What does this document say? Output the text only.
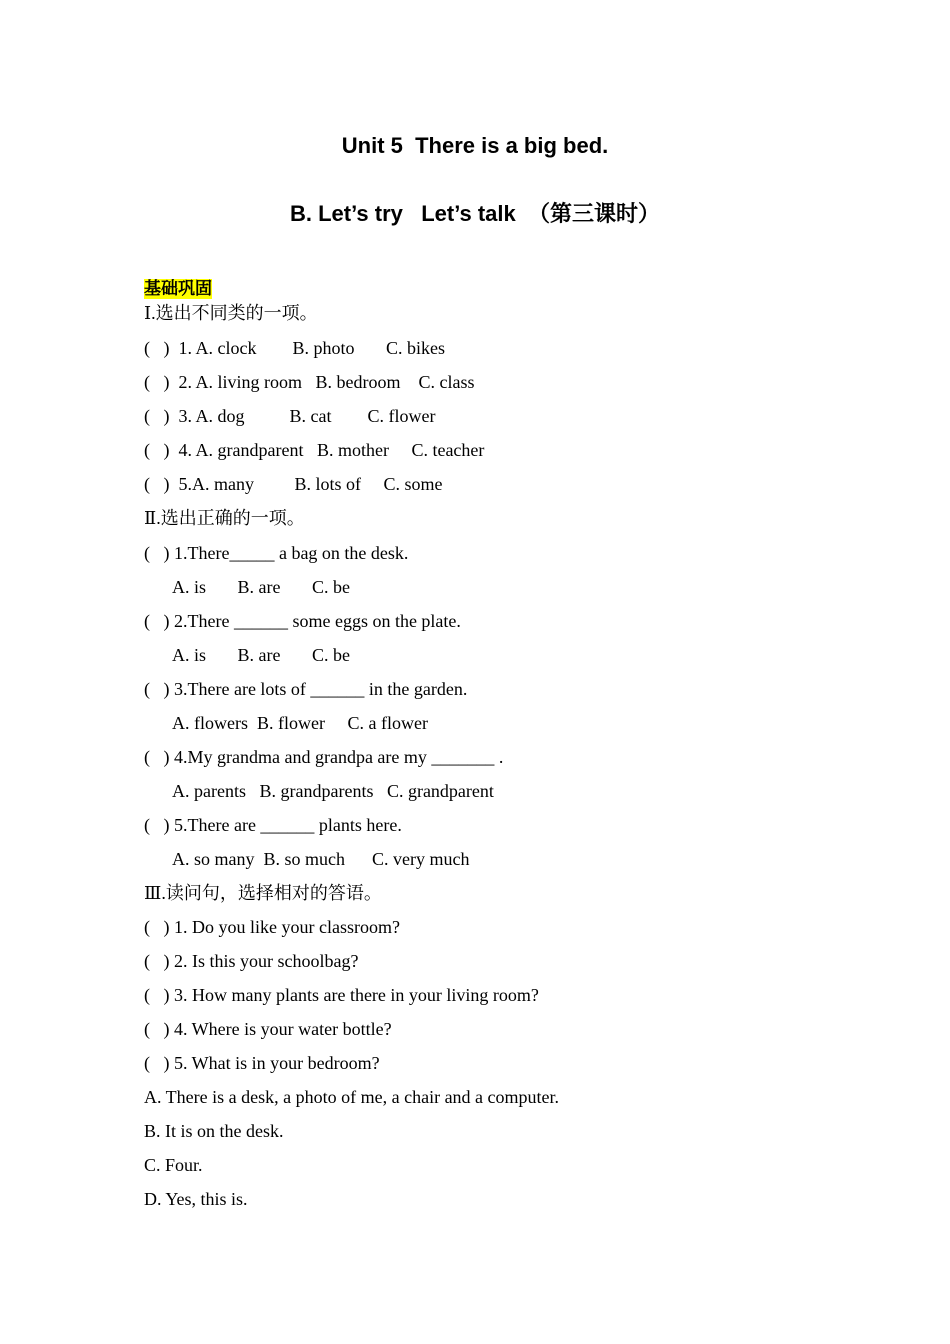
Unit 5  There is a big bed.
B. Let’s try   Let’s talk  （第三课时）
基础巩固
Ⅰ.选出不同类的一项。
(   )  1. A. clock        B. photo       C. bikes
(   )  2. A. living room   B. bedroom    C. class
(   )  3. A. dog          B. cat        C. flower
(   )  4. A. grandparent   B. mother     C. teacher
(   )  5.A. many         B. lots of     C. some
Ⅱ.选出正确的一项。
(   ) 1.There_____ a bag on the desk.
A. is       B. are       C. be
(   ) 2.There ______ some eggs on the plate.
A. is       B. are       C. be
(   ) 3.There are lots of ______ in the garden.
A. flowers  B. flower     C. a flower
(   ) 4.My grandma and grandpa are my _______ .
A. parents   B. grandparents   C. grandparent
(   ) 5.There are ______ plants here.
A. so many  B. so much      C. very much
Ⅲ.读问句，选择相对的答语。
(   ) 1. Do you like your classroom?
(   ) 2. Is this your schoolbag?
(   ) 3. How many plants are there in your living room?
(   ) 4. Where is your water bottle?
(   ) 5. What is in your bedroom?
A. There is a desk, a photo of me, a chair and a computer.
B. It is on the desk.
C. Four.
D. Yes, this is.
